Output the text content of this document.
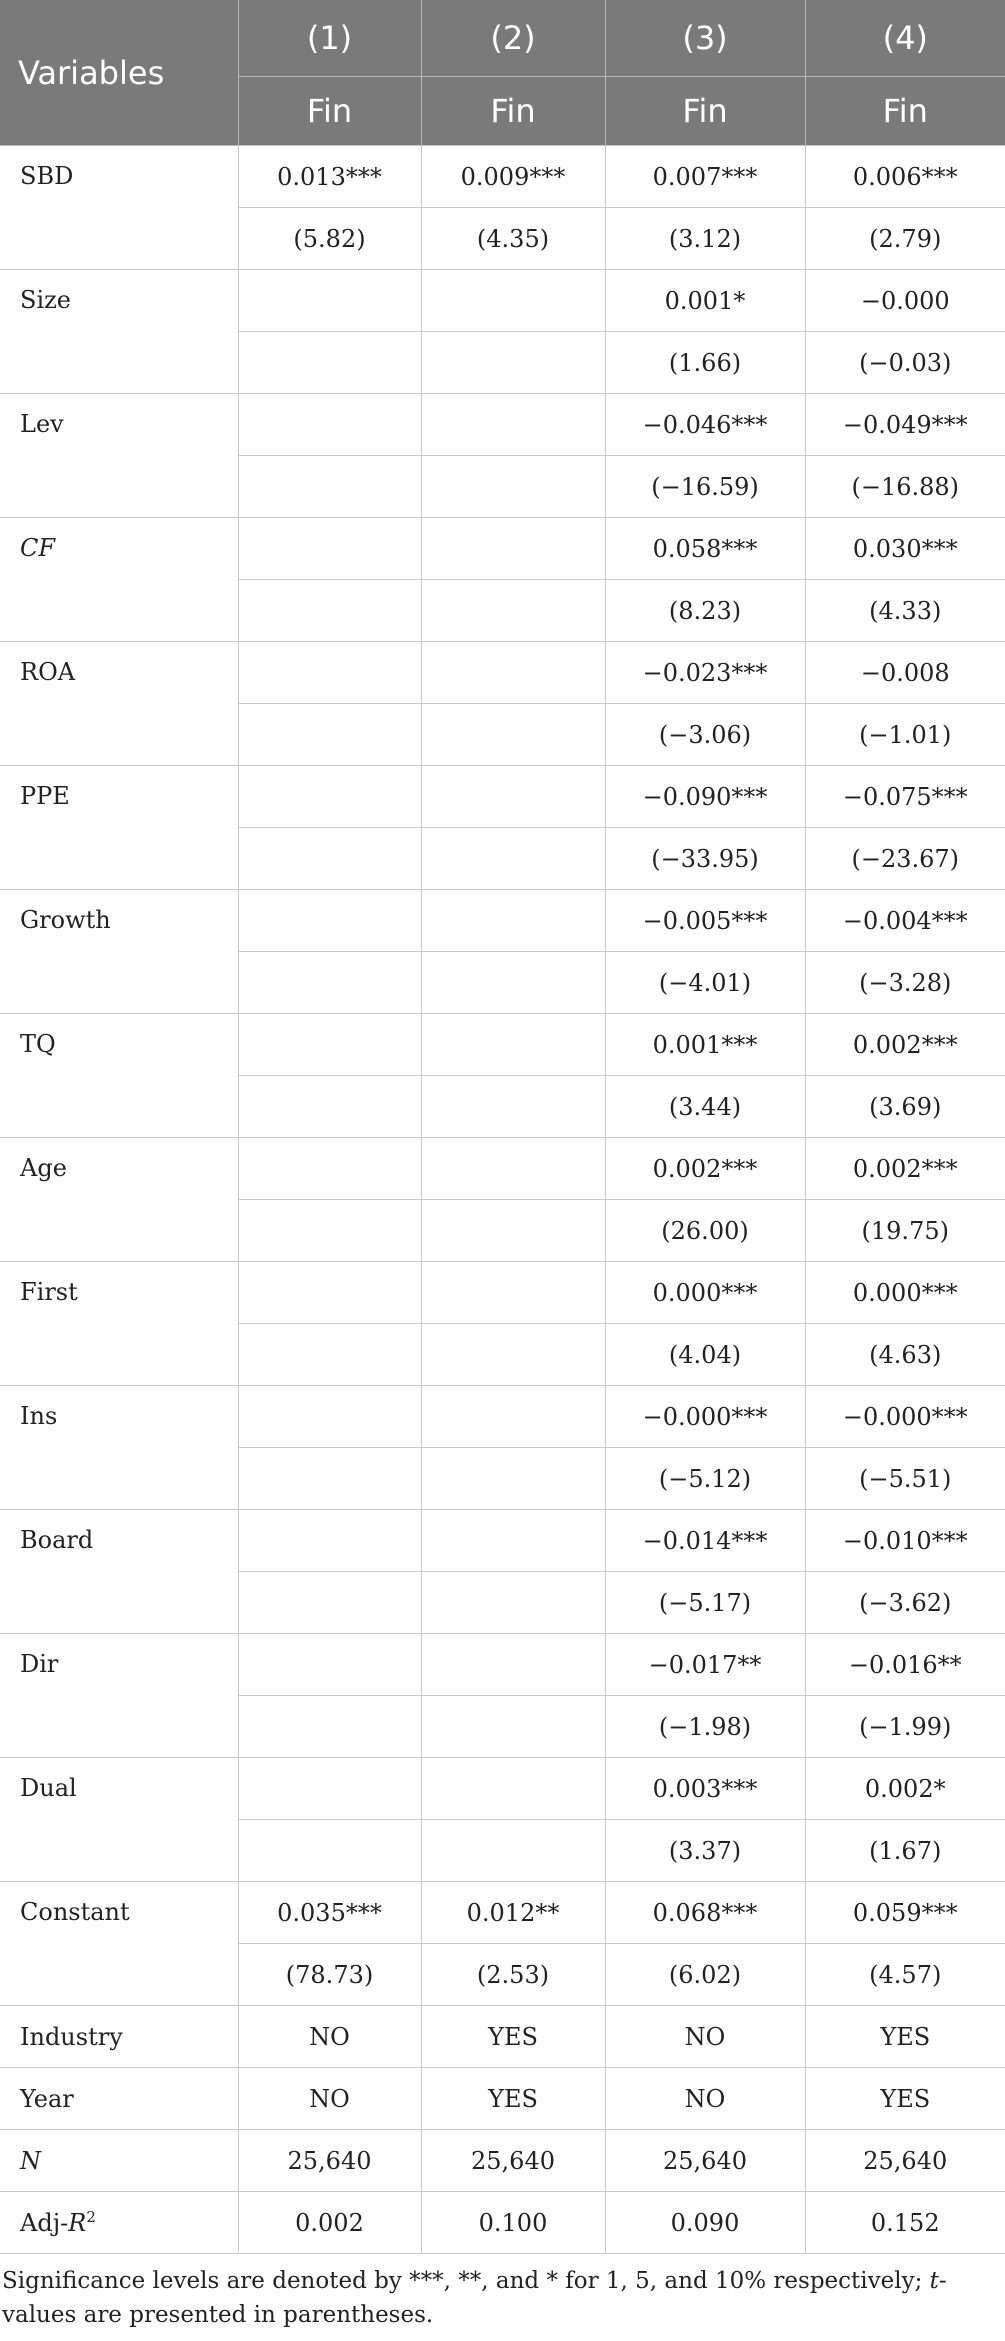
Variables	(1)	(2)	(3)	(4)
	Fin	Fin	Fin	Fin
SBD	0.013***	0.009***	0.007***	0.006***
	(5.82)	(4.35)	(3.12)	(2.79)
Size			0.001*	−0.000
			(1.66)	(−0.03)
Lev			−0.046***	−0.049***
			(−16.59)	(−16.88)
CF			0.058***	0.030***
			(8.23)	(4.33)
ROA			−0.023***	−0.008
			(−3.06)	(−1.01)
PPE			−0.090***	−0.075***
			(−33.95)	(−23.67)
Growth			−0.005***	−0.004***
			(−4.01)	(−3.28)
TQ			0.001***	0.002***
			(3.44)	(3.69)
Age			0.002***	0.002***
			(26.00)	(19.75)
First			0.000***	0.000***
			(4.04)	(4.63)
Ins			−0.000***	−0.000***
			(−5.12)	(−5.51)
Board			−0.014***	−0.010***
			(−5.17)	(−3.62)
Dir			−0.017**	−0.016**
			(−1.98)	(−1.99)
Dual			0.003***	0.002*
			(3.37)	(1.67)
Constant	0.035***	0.012**	0.068***	0.059***
	(78.73)	(2.53)	(6.02)	(4.57)
Industry	NO	YES	NO	YES
Year	NO	YES	NO	YES
N	25,640	25,640	25,640	25,640
Adj-$R^2$	0.002	0.100	0.090	0.152
Significance levels are denoted by ***, **, and * for 1, 5, and 10% respectively; t-values are presented in parentheses.
